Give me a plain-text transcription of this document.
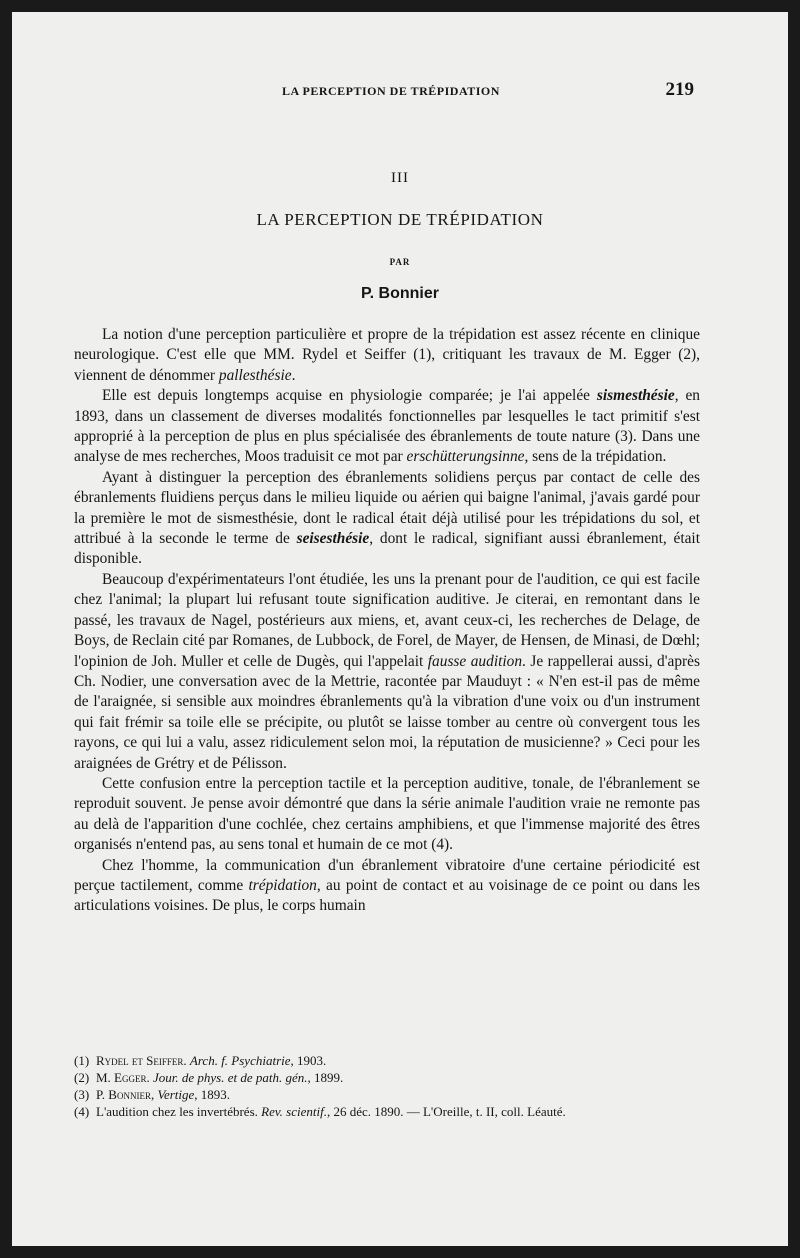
LA PERCEPTION DE TRÉPIDATION	219
III
LA PERCEPTION DE TRÉPIDATION
PAR
P. Bonnier

La notion d'une perception particulière et propre de la trépidation est assez récente en clinique neurologique. C'est elle que MM. Rydel et Seiffer (1), critiquant les travaux de M. Egger (2), viennent de dénommer pallesthésie.

Elle est depuis longtemps acquise en physiologie comparée; je l'ai appelée sismesthésie, en 1893, dans un classement de diverses modalités fonctionnelles par lesquelles le tact primitif s'est approprié à la perception de plus en plus spécialisée des ébranlements de toute nature (3). Dans une analyse de mes recherches, Moos traduisit ce mot par erschütterungsinne, sens de la trépidation.

Ayant à distinguer la perception des ébranlements solidiens perçus par contact de celle des ébranlements fluidiens perçus dans le milieu liquide ou aérien qui baigne l'animal, j'avais gardé pour la première le mot de sismesthésie, dont le radical était déjà utilisé pour les trépidations du sol, et attribué à la seconde le terme de seisesthésie, dont le radical, signifiant aussi ébranlement, était disponible.

Beaucoup d'expérimentateurs l'ont étudiée, les uns la prenant pour de l'audition, ce qui est facile chez l'animal; la plupart lui refusant toute signification auditive. Je citerai, en remontant dans le passé, les travaux de Nagel, postérieurs aux miens, et, avant ceux-ci, les recherches de Delage, de Boys, de Reclain cité par Romanes, de Lubbock, de Forel, de Mayer, de Hensen, de Minasi, de Dœhl; l'opinion de Joh. Muller et celle de Dugès, qui l'appelait fausse audition. Je rappellerai aussi, d'après Ch. Nodier, une conversation avec de la Mettrie, racontée par Mauduyt : « N'en est-il pas de même de l'araignée, si sensible aux moindres ébranlements qu'à la vibration d'une voix ou d'un instrument qui fait frémir sa toile elle se précipite, ou plutôt se laisse tomber au centre où convergent tous les rayons, ce qui lui a valu, assez ridiculement selon moi, la réputation de musicienne? » Ceci pour les araignées de Grétry et de Pélisson.

Cette confusion entre la perception tactile et la perception auditive, tonale, de l'ébranlement se reproduit souvent. Je pense avoir démontré que dans la série animale l'audition vraie ne remonte pas au delà de l'apparition d'une cochlée, chez certains amphibiens, et que l'immense majorité des êtres organisés n'entend pas, au sens tonal et humain de ce mot (4).

Chez l'homme, la communication d'un ébranlement vibratoire d'une certaine périodicité est perçue tactilement, comme trépidation, au point de contact et au voisinage de ce point ou dans les articulations voisines. De plus, le corps humain

(1) Rydel et Seiffer. Arch. f. Psychiatrie, 1903.
(2) M. Egger. Jour. de phys. et de path. gén., 1899.
(3) P. Bonnier, Vertige, 1893.
(4) L'audition chez les invertébrés. Rev. scientif., 26 déc. 1890. — L'Oreille, t. II, coll. Léauté.
